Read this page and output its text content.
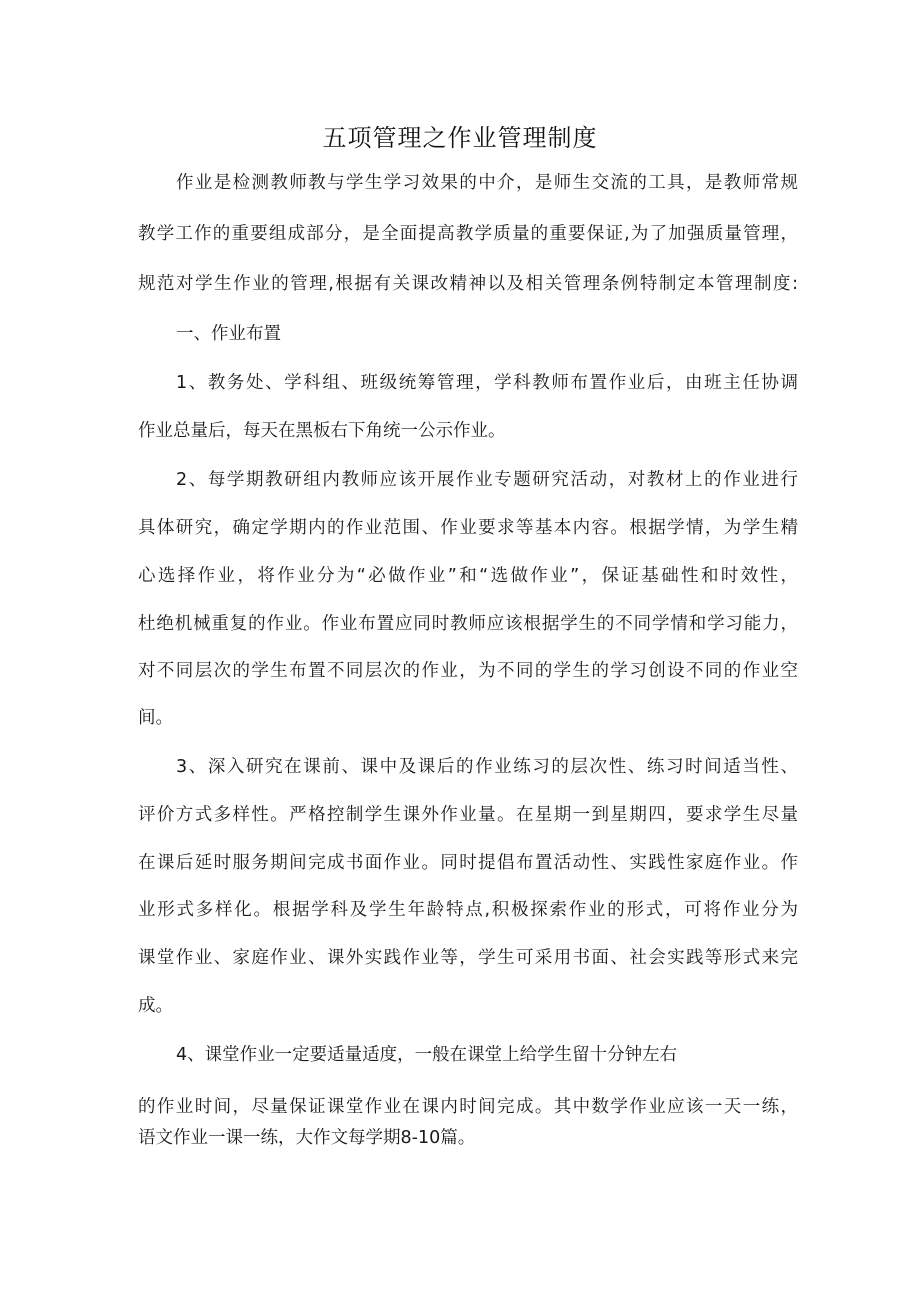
五项管理之作业管理制度

作业是检测教师教与学生学习效果的中介，是师生交流的工具，是教师常规

教学工作的重要组成部分，是全面提高教学质量的重要保证,为了加强质量管理，

规范对学生作业的管理,根据有关课改精神以及相关管理条例特制定本管理制度:

一、作业布置

1、教务处、学科组、班级统筹管理，学科教师布置作业后，由班主任协调

作业总量后，每天在黑板右下角统一公示作业。

2、每学期教研组内教师应该开展作业专题研究活动，对教材上的作业进行

具体研究，确定学期内的作业范围、作业要求等基本内容。根据学情，为学生精

心选择作业，将作业分为“必做作业”和“选做作业”，保证基础性和时效性，

杜绝机械重复的作业。作业布置应同时教师应该根据学生的不同学情和学习能力，

对不同层次的学生布置不同层次的作业，为不同的学生的学习创设不同的作业空

间。

3、深入研究在课前、课中及课后的作业练习的层次性、练习时间适当性、

评价方式多样性。严格控制学生课外作业量。在星期一到星期四，要求学生尽量

在课后延时服务期间完成书面作业。同时提倡布置活动性、实践性家庭作业。作

业形式多样化。根据学科及学生年龄特点,积极探索作业的形式，可将作业分为

课堂作业、家庭作业、课外实践作业等，学生可采用书面、社会实践等形式来完

成。

4、课堂作业一定要适量适度，一般在课堂上给学生留十分钟左右

的作业时间，尽量保证课堂作业在课内时间完成。其中数学作业应该一天一练，

语文作业一课一练，大作文每学期8-10篇。
